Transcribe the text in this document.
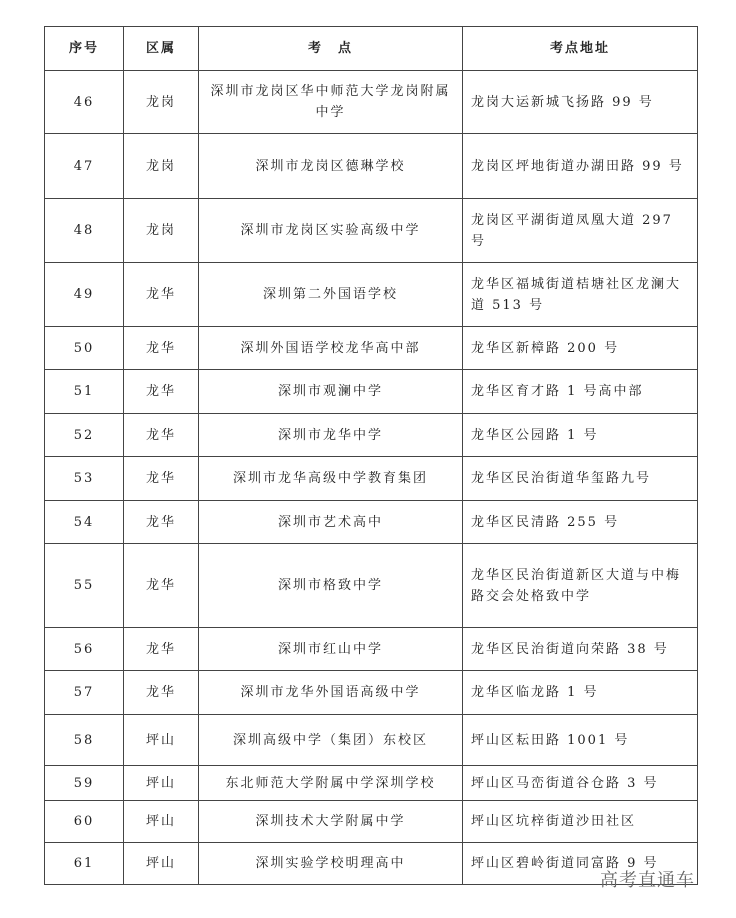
序号	区属	考　点	考点地址
46	龙岗	深圳市龙岗区华中师范大学龙岗附属中学	龙岗大运新城飞扬路 99 号
47	龙岗	深圳市龙岗区德琳学校	龙岗区坪地街道办湖田路 99 号
48	龙岗	深圳市龙岗区实验高级中学	龙岗区平湖街道凤凰大道 297 号
49	龙华	深圳第二外国语学校	龙华区福城街道桔塘社区龙澜大道 513 号
50	龙华	深圳外国语学校龙华高中部	龙华区新樟路 200 号
51	龙华	深圳市观澜中学	龙华区育才路 1 号高中部
52	龙华	深圳市龙华中学	龙华区公园路 1 号
53	龙华	深圳市龙华高级中学教育集团	龙华区民治街道华玺路九号
54	龙华	深圳市艺术高中	龙华区民清路 255 号
55	龙华	深圳市格致中学	龙华区民治街道新区大道与中梅路交会处格致中学
56	龙华	深圳市红山中学	龙华区民治街道向荣路 38 号
57	龙华	深圳市龙华外国语高级中学	龙华区临龙路 1 号
58	坪山	深圳高级中学（集团）东校区	坪山区耘田路 1001 号
59	坪山	东北师范大学附属中学深圳学校	坪山区马峦街道谷仓路 3 号
60	坪山	深圳技术大学附属中学	坪山区坑梓街道沙田社区
61	坪山	深圳实验学校明理高中	坪山区碧岭街道同富路 9 号
高考直通车
